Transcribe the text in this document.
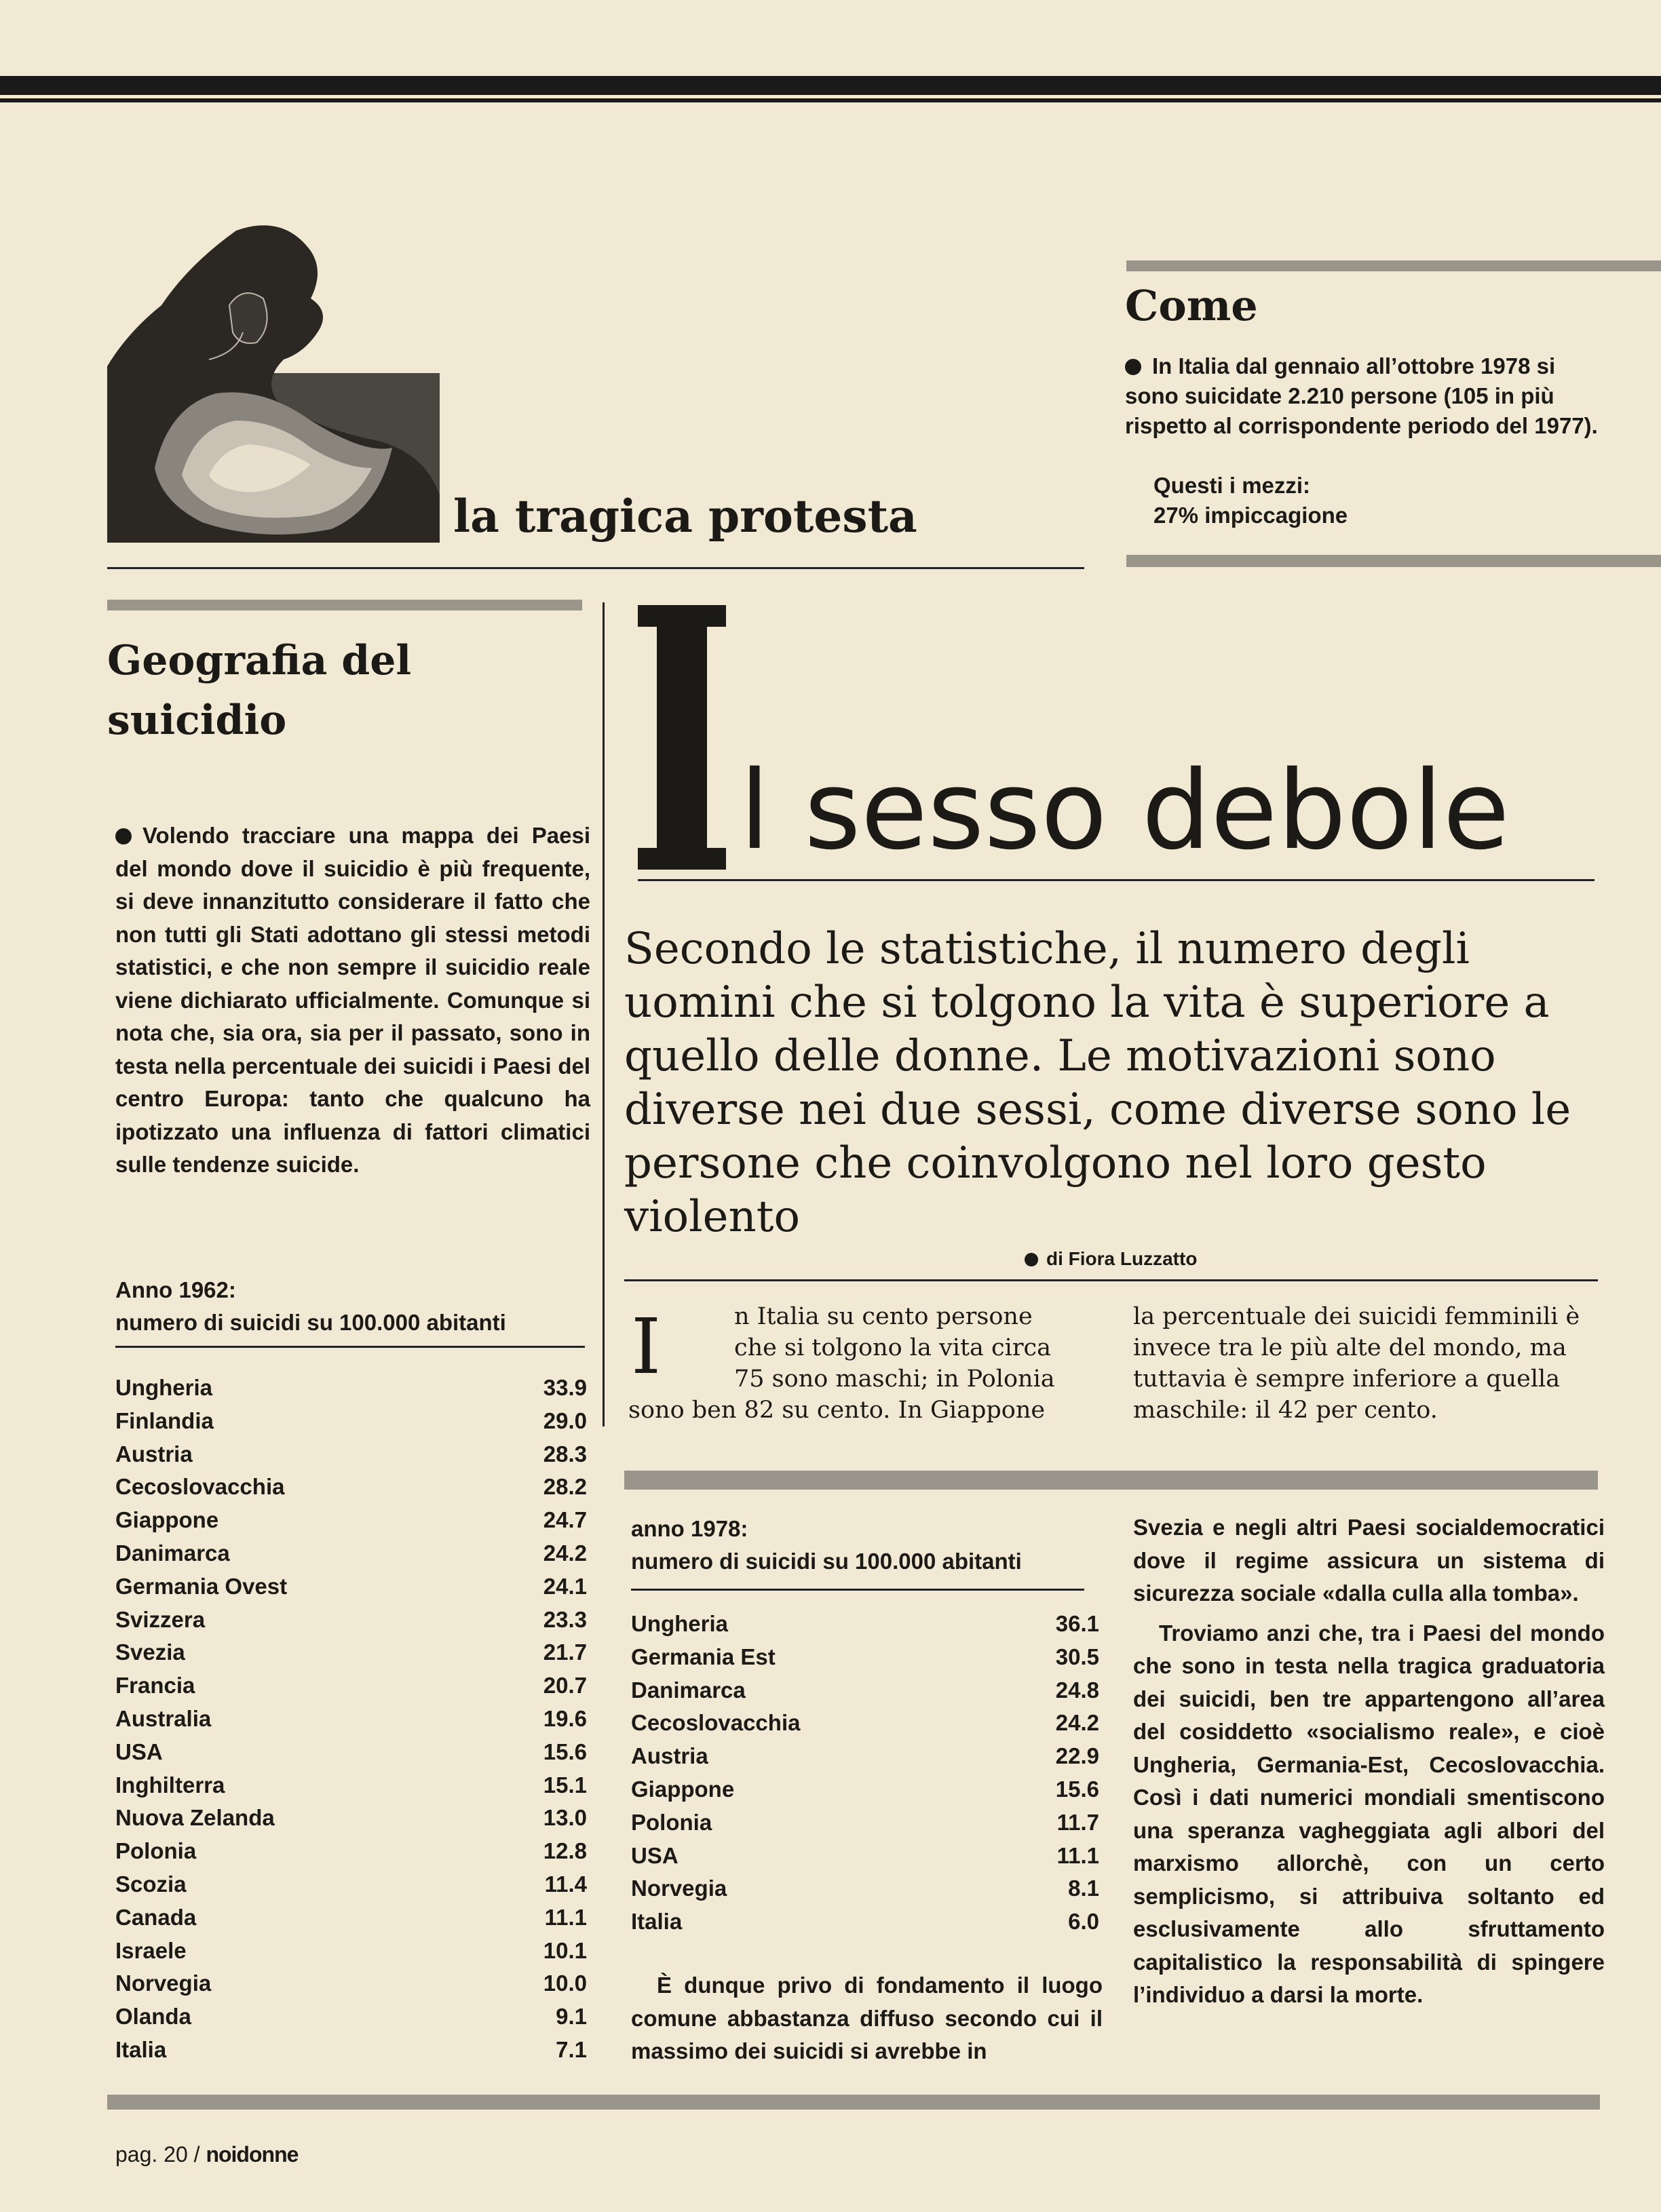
la tragica protesta
Come
In Italia dal gennaio all’ottobre 1978 si sono suicidate 2.210 persone (105 in più rispetto al corrispondente periodo del 1977).
Questi i mezzi:
27% impiccagione
Geografia del suicidio
Volendo tracciare una mappa dei Paesi del mondo dove il suicidio è più frequente, si deve innanzitutto considerare il fatto che non tutti gli Stati adottano gli stessi metodi statistici, e che non sempre il suicidio reale viene dichiarato ufficialmente. Comunque si nota che, sia ora, sia per il passato, sono in testa nella percentuale dei suicidi i Paesi del centro Europa: tanto che qualcuno ha ipotizzato una influenza di fattori climatici sulle tendenze suicide.
Anno 1962:
numero di suicidi su 100.000 abitanti
Ungheria	33.9
Finlandia	29.0
Austria	28.3
Cecoslovacchia	28.2
Giappone	24.7
Danimarca	24.2
Germania Ovest	24.1
Svizzera	23.3
Svezia	21.7
Francia	20.7
Australia	19.6
USA	15.6
Inghilterra	15.1
Nuova Zelanda	13.0
Polonia	12.8
Scozia	11.4
Canada	11.1
Israele	10.1
Norvegia	10.0
Olanda	9.1
Italia	7.1
l sesso debole
Secondo le statistiche, il numero degli uomini che si tolgono la vita è superiore a quello delle donne. Le motivazioni sono diverse nei due sessi, come diverse sono le persone che coinvolgono nel loro gesto violento
di Fiora Luzzatto
I	n Italia su cento persone
che si tolgono la vita circa
75 sono maschi; in Polonia
sono ben 82 su cento. In Giappone
la percentuale dei suicidi femminili è invece tra le più alte del mondo, ma tuttavia è sempre inferiore a quella maschile: il 42 per cento.
anno 1978:
numero di suicidi su 100.000 abitanti
Ungheria	36.1
Germania Est	30.5
Danimarca	24.8
Cecoslovacchia	24.2
Austria	22.9
Giappone	15.6
Polonia	11.7
USA	11.1
Norvegia	8.1
Italia	6.0
È dunque privo di fondamento il luogo comune abbastanza diffuso secondo cui il massimo dei suicidi si avrebbe in

Svezia e negli altri Paesi socialdemocratici dove il regime assicura un sistema di sicurezza sociale «dalla culla alla tomba».

Troviamo anzi che, tra i Paesi del mondo che sono in testa nella tragica graduatoria dei suicidi, ben tre appartengono all’area del cosiddetto «socialismo reale», e cioè Ungheria, Germania-Est, Cecoslovacchia. Così i dati numerici mondiali smentiscono una speranza vagheggiata agli albori del marxismo allorchè, con un certo semplicismo, si attribuiva soltanto ed esclusivamente allo sfruttamento capitalistico la responsabilità di spingere l’individuo a darsi la morte.

pag. 20 / noidonne
